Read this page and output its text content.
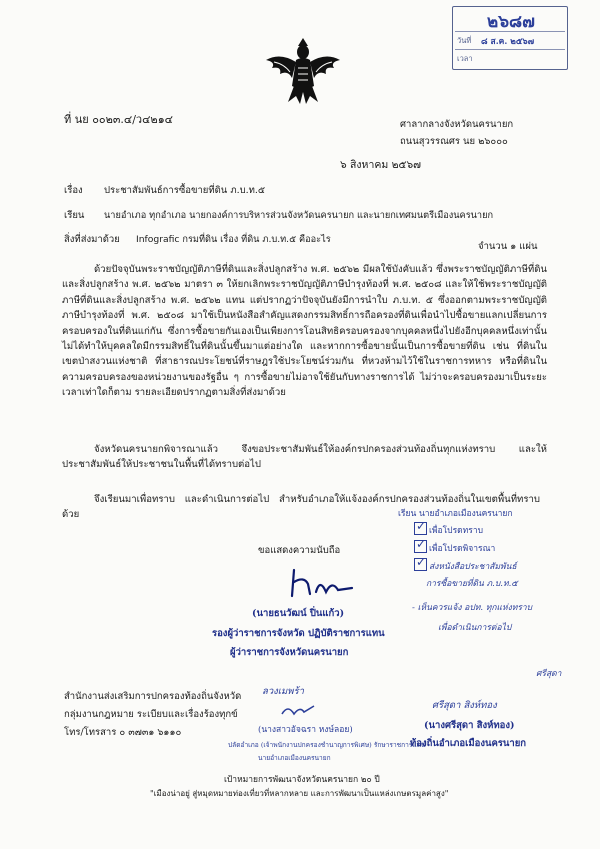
๒๖๘๗
วันที่ ๘ ส.ค. ๒๕๖๗
เวลา
ที่ นย ๐๐๒๓.๔/ว๔๒๑๔	ศาลากลางจังหวัดนครนายก
ถนนสุวรรณศร นย ๒๖๐๐๐
๖ สิงหาคม ๒๕๖๗
เรื่อง ประชาสัมพันธ์การซื้อขายที่ดิน ภ.บ.ท.๕
เรียน นายอำเภอ ทุกอำเภอ นายกองค์การบริหารส่วนจังหวัดนครนายก และนายกเทศมนตรีเมืองนครนายก
สิ่งที่ส่งมาด้วย Infografic กรมที่ดิน เรื่อง ที่ดิน ภ.บ.ท.๕ คืออะไร
จำนวน ๑ แผ่น
ด้วยปัจจุบันพระราชบัญญัติภาษีที่ดินและสิ่งปลูกสร้าง พ.ศ. ๒๕๖๒ มีผลใช้บังคับแล้ว ซึ่งพระราชบัญญัติภาษีที่ดินและสิ่งปลูกสร้าง พ.ศ. ๒๕๖๒ มาตรา ๓ ให้ยกเลิกพระราชบัญญัติภาษีบำรุงท้องที่ พ.ศ. ๒๕๐๘ และให้ใช้พระราชบัญญัติภาษีที่ดินและสิ่งปลูกสร้าง พ.ศ. ๒๕๖๒ แทน แต่ปรากฏว่าปัจจุบันยังมีการนำใบ ภ.บ.ท. ๕ ซึ่งออกตามพระราชบัญญัติภาษีบำรุงท้องที่ พ.ศ. ๒๕๐๘ มาใช้เป็นหนังสือสำคัญแสดงกรรมสิทธิ์การถือครองที่ดินเพื่อนำไปซื้อขายแลกเปลี่ยนการครอบครองในที่ดินแก่กัน ซึ่งการซื้อขายกันเองเป็นเพียงการโอนสิทธิครอบครองจากบุคคลหนึ่งไปยังอีกบุคคลหนึ่งเท่านั้น ไม่ได้ทำให้บุคคลใดมีกรรมสิทธิ์ในที่ดินนั้นขึ้นมาแต่อย่างใด และหากการซื้อขายนั้นเป็นการซื้อขายที่ดิน เช่น ที่ดินในเขตป่าสงวนแห่งชาติ ที่สาธารณประโยชน์ที่ราษฎรใช้ประโยชน์ร่วมกัน ที่หวงห้ามไว้ใช้ในราชการทหาร หรือที่ดินในความครอบครองของหน่วยงานของรัฐอื่น ๆ การซื้อขายไม่อาจใช้ยันกับทางราชการได้ ไม่ว่าจะครอบครองมาเป็นระยะเวลาเท่าใดก็ตาม รายละเอียดปรากฏตามสิ่งที่ส่งมาด้วย
จังหวัดนครนายกพิจารณาแล้ว จึงขอประชาสัมพันธ์ให้องค์กรปกครองส่วนท้องถิ่นทุกแห่งทราบ และให้ประชาสัมพันธ์ให้ประชาชนในพื้นที่ได้ทราบต่อไป
จึงเรียนมาเพื่อทราบ และดำเนินการต่อไป สำหรับอำเภอให้แจ้งองค์กรปกครองส่วนท้องถิ่นในเขตพื้นที่ทราบด้วย	เรียน นายอำเภอเมืองนครนายก
✓ เพื่อโปรดทราบ
✓ เพื่อโปรดพิจารณา
✓ ส่งหนังสือประชาสัมพันธ์
การซื้อขายที่ดิน ภ.บ.ท.๕
- เห็นควรแจ้ง อปท. ทุกแห่งทราบ
เพื่อดำเนินการต่อไป
ศรีสุดา
ขอแสดงความนับถือ
(นายธนวัฒน์ ปิ่นแก้ว)
รองผู้ว่าราชการจังหวัด ปฏิบัติราชการแทน
ผู้ว่าราชการจังหวัดนครนายก
สำนักงานส่งเสริมการปกครองท้องถิ่นจังหวัด
กลุ่มงานกฎหมาย ระเบียบและเรื่องร้องทุกข์
โทร/โทรสาร ๐ ๓๗๓๑ ๖๑๑๐
ลวงเมพร้า
(นางสาวอัจฉรา หงษ์ลอย)
ปลัดอำเภอ (เจ้าพนักงานปกครองชำนาญการพิเศษ) รักษาราชการแทน
นายอำเภอเมืองนครนายก
ศรีสุดา สิงห์ทอง
(นางศรีสุดา สิงห์ทอง)
ท้องถิ่นอำเภอเมืองนครนายก
เป้าหมายการพัฒนาจังหวัดนครนายก ๒๐ ปี
"เมืองน่าอยู่ สู่หมุดหมายท่องเที่ยวที่หลากหลาย และการพัฒนาเป็นแหล่งเกษตรมูลค่าสูง"
